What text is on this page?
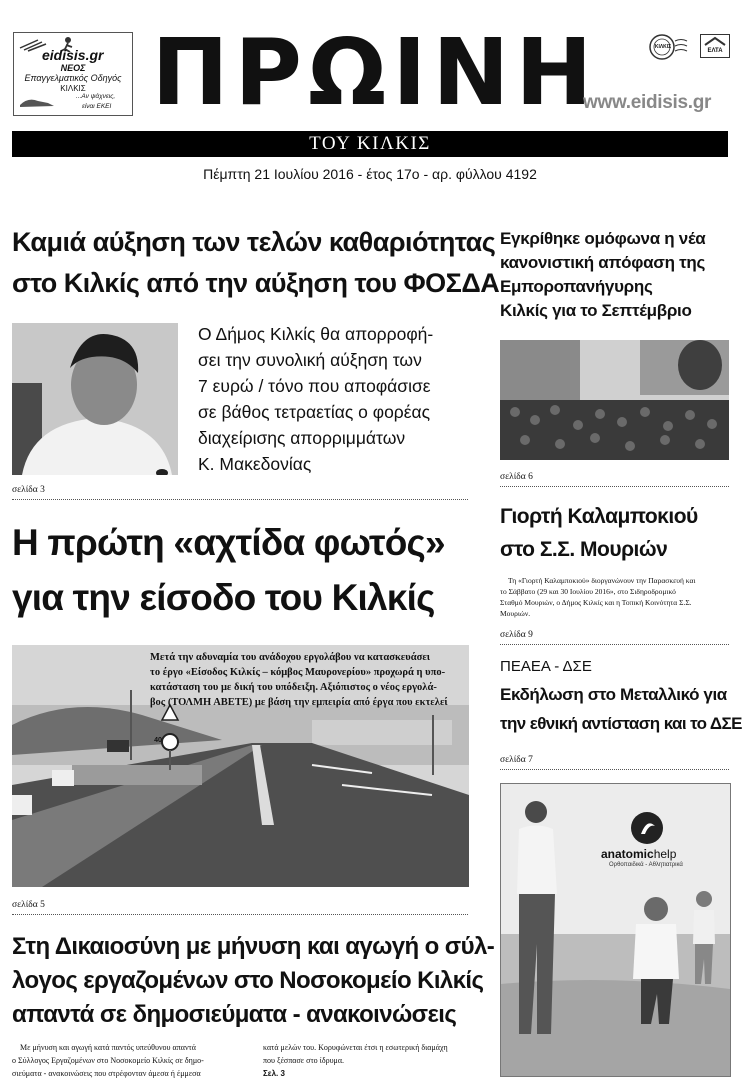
eidisis.gr
ΝΕΟΣ
Επαγγελματικός Οδηγός
ΚΙΛΚΙΣ
...Αν ψάχνεις,
είναι ΕΚΕΙ ΠΡΩΙΝΗ	ΚΙΛΚΙΣ
ΕΛΤΑ
www.eidisis.gr
ΤΟΥ ΚΙΛΚΙΣ
Πέμπτη 21 Ιουλίου 2016 - έτος 17ο - αρ. φύλλου 4192
Καμιά αύξηση των τελών καθαριότητας
στο Κιλκίς από την αύξηση του ΦΟΣΔΑ
Ο Δήμος Κιλκίς θα απορροφή-
σει την συνολική αύξηση των
7 ευρώ / τόνο που αποφάσισε
σε βάθος τετραετίας ο φορέας
διαχείρισης απορριμμάτων
Κ. Μακεδονίας
σελίδα 3
Η πρώτη «αχτίδα φωτός»
για την είσοδο του Κιλκίς
40
Μετά την αδυναμία του ανάδοχου εργολάβου να κατασκευάσει
το έργο «Είσοδος Κιλκίς – κόμβος Μαυρονερίου» προχωρά η υπο-
κατάσταση του με δική του υπόδειξη. Αξιόπιστος ο νέος εργολά-
βος (ΤΟΛΜΗ ΑΒΕΤΕ) με βάση την εμπειρία από έργα που εκτελεί
σελίδα 5
Στη Δικαιοσύνη με μήνυση και αγωγή ο σύλ-
λογος εργαζομένων στο Νοσοκομείο Κιλκίς
απαντά σε δημοσιεύματα - ανακοινώσεις
Με μήνυση και αγωγή κατά παντός υπεύθυνου απαντά
ο Σύλλογος Εργαζομένων στο Νοσοκομείο Κιλκίς σε δημο-
σιεύματα - ανακοινώσεις που στρέφονταν άμεσα ή έμμεσα
κατά μελών του. Κορυφώνεται έτσι η εσωτερική διαμάχη
που ξέσπασε στο ίδρυμα.
Σελ. 3
Εγκρίθηκε ομόφωνα η νέα
κανονιστική απόφαση της
Εμποροπανήγυρης
Κιλκίς για το Σεπτέμβριο
σελίδα 6
Γιορτή Καλαμποκιού
στο Σ.Σ. Μουριών
Τη «Γιορτή Καλαμποκιού» διοργανώνουν την Παρασκευή και
το Σάββατο (29 και 30 Ιουλίου 2016», στο Σιδηροδρομικό
Σταθμό Μουριών, ο Δήμος Κιλκίς και η Τοπική Κοινότητα Σ.Σ.
Μουριών.
σελίδα 9
ΠΕΑΕΑ - ΔΣΕ
Εκδήλωση στο Μεταλλικό για
την εθνική αντίσταση και το ΔΣΕ
σελίδα 7
anatomichelp
Ορθοπαιδικά - Αθλητιατρικά
